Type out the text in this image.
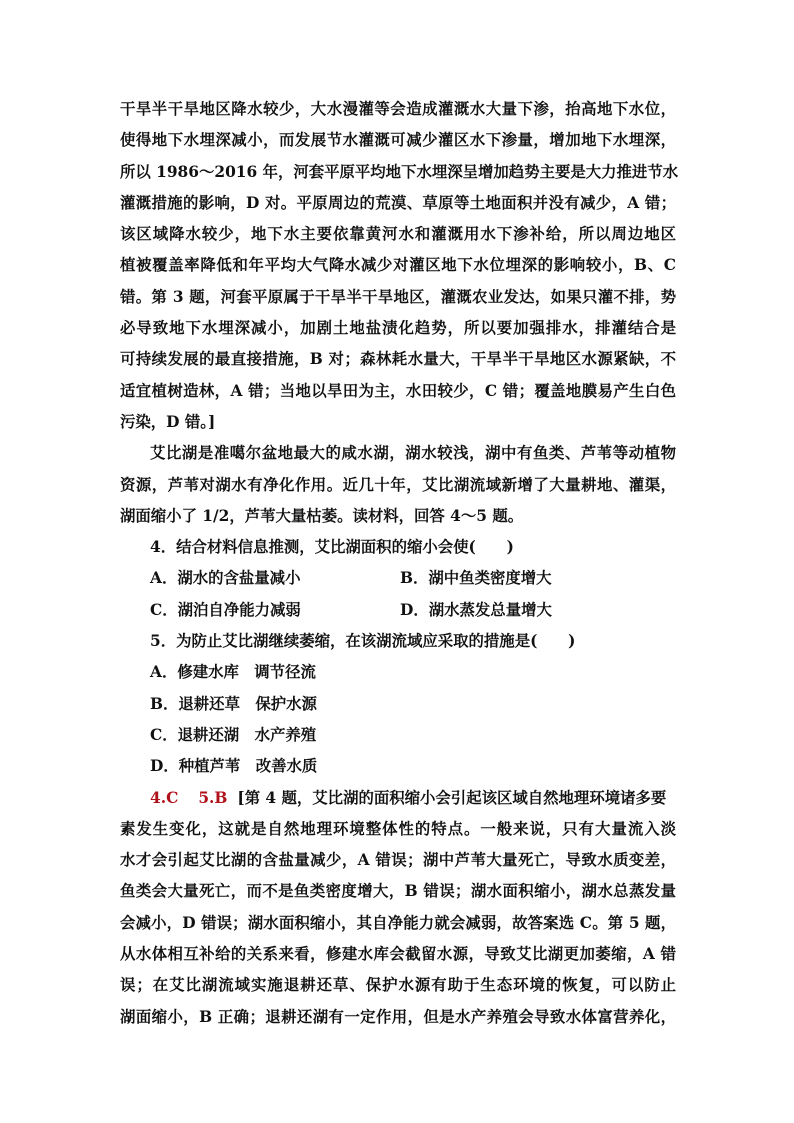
干旱半干旱地区降水较少，大水漫灌等会造成灌溉水大量下渗，抬高地下水位，
使得地下水埋深减小，而发展节水灌溉可减少灌区水下渗量，增加地下水埋深，
所以 1986～2016 年，河套平原平均地下水埋深呈增加趋势主要是大力推进节水
灌溉措施的影响，D 对。平原周边的荒漠、草原等土地面积并没有减少，A 错；
该区域降水较少，地下水主要依靠黄河水和灌溉用水下渗补给，所以周边地区
植被覆盖率降低和年平均大气降水减少对灌区地下水位埋深的影响较小，B、C
错。第 3 题，河套平原属于干旱半干旱地区，灌溉农业发达，如果只灌不排，势
必导致地下水埋深减小，加剧土地盐渍化趋势，所以要加强排水，排灌结合是
可持续发展的最直接措施，B 对；森林耗水量大，干旱半干旱地区水源紧缺，不
适宜植树造林，A 错；当地以旱田为主，水田较少，C 错；覆盖地膜易产生白色
污染，D 错。]
艾比湖是准噶尔盆地最大的咸水湖，湖水较浅，湖中有鱼类、芦苇等动植物
资源，芦苇对湖水有净化作用。近几十年，艾比湖流域新增了大量耕地、灌渠，
湖面缩小了 1/2，芦苇大量枯萎。读材料，回答 4～5 题。
4．结合材料信息推测，艾比湖面积的缩小会使(　　)
A．湖水的含盐量减小	B．湖中鱼类密度增大
C．湖泊自净能力减弱	D．湖水蒸发总量增大
5．为防止艾比湖继续萎缩，在该湖流域应采取的措施是(　　)
A．修建水库　调节径流
B．退耕还草　保护水源
C．退耕还湖　水产养殖
D．种植芦苇　改善水质
4.C 5.B [第 4 题，艾比湖的面积缩小会引起该区域自然地理环境诸多要
素发生变化，这就是自然地理环境整体性的特点。一般来说，只有大量流入淡
水才会引起艾比湖的含盐量减少，A 错误；湖中芦苇大量死亡，导致水质变差，
鱼类会大量死亡，而不是鱼类密度增大，B 错误；湖水面积缩小，湖水总蒸发量
会减小，D 错误；湖水面积缩小，其自净能力就会减弱，故答案选 C。第 5 题，
从水体相互补给的关系来看，修建水库会截留水源，导致艾比湖更加萎缩，A 错
误；在艾比湖流域实施退耕还草、保护水源有助于生态环境的恢复，可以防止
湖面缩小，B 正确；退耕还湖有一定作用，但是水产养殖会导致水体富营养化，
